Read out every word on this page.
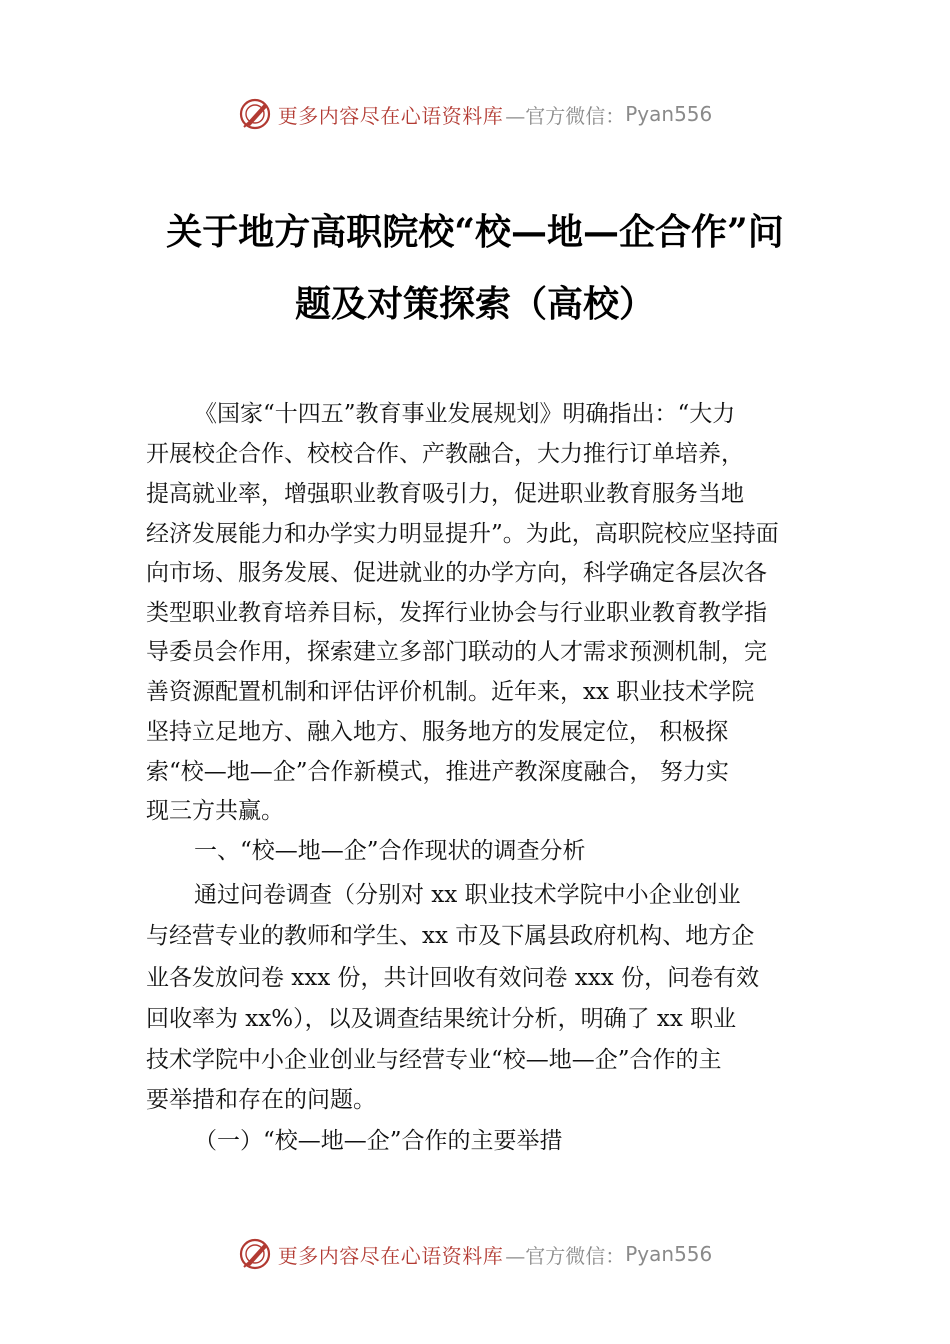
更多内容尽在心语资料库 —官方微信： Pyan556
关于地方高职院校“校—地—企合作”问
题及对策探索（高校）
《国家“十四五”教育事业发展规划》明确指出：“大力
开展校企合作、校校合作、产教融合，大力推行订单培养，
提高就业率，增强职业教育吸引力，促进职业教育服务当地
经济发展能力和办学实力明显提升”。为此，高职院校应坚持面
向市场、服务发展、促进就业的办学方向，科学确定各层次各
类型职业教育培养目标，发挥行业协会与行业职业教育教学指
导委员会作用，探索建立多部门联动的人才需求预测机制，完
善资源配置机制和评估评价机制。近年来，xx 职业技术学院
坚持立足地方、融入地方、服务地方的发展定位， 积极探
索“校—地—企”合作新模式，推进产教深度融合， 努力实
现三方共赢。
一、“校—地—企”合作现状的调查分析
通过问卷调查（分别对 xx 职业技术学院中小企业创业
与经营专业的教师和学生、xx 市及下属县政府机构、地方企
业各发放问卷 xxx 份，共计回收有效问卷 xxx 份，问卷有效
回收率为 xx%），以及调查结果统计分析，明确了 xx 职业
技术学院中小企业创业与经营专业“校—地—企”合作的主
要举措和存在的问题。
（一）“校—地—企”合作的主要举措
更多内容尽在心语资料库 —官方微信： Pyan556
